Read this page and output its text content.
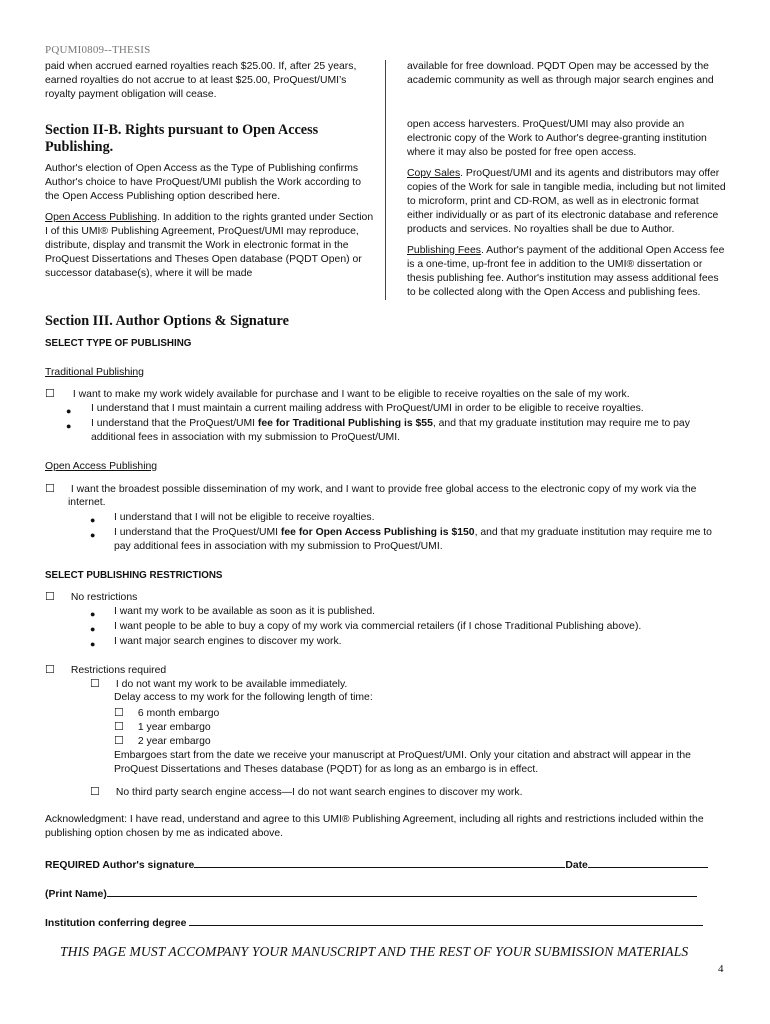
PQUMI0809--THESIS

paid when accrued earned royalties reach $25.00. If, after 25 years, earned royalties do not accrue to at least $25.00, ProQuest/UMI’s royalty payment obligation will cease.

Section II-B. Rights pursuant to Open Access Publishing.

Author's election of Open Access as the Type of Publishing confirms Author's choice to have ProQuest/UMI publish the Work according to the Open Access Publishing option described here.

Open Access Publishing. In addition to the rights granted under Section I of this UMI® Publishing Agreement, ProQuest/UMI may reproduce, distribute, display and transmit the Work in electronic format in the ProQuest Dissertations and Theses Open database (PQDT Open) or successor database(s), where it will be made

available for free download. PQDT Open may be accessed by the academic community as well as through major search engines and

open access harvesters. ProQuest/UMI may also provide an electronic copy of the Work to Author's degree-granting institution where it may also be posted for free open access.

Copy Sales. ProQuest/UMI and its agents and distributors may offer copies of the Work for sale in tangible media, including but not limited to microform, print and CD-ROM, as well as in electronic format either individually or as part of its electronic database and reference products and services. No royalties shall be due to Author.

Publishing Fees. Author's payment of the additional Open Access fee is a one-time, up-front fee in addition to the UMI® dissertation or thesis publishing fee. Author's institution may assess additional fees to be collected along with the Open Access and publishing fees.

Section III. Author Options & Signature
SELECT TYPE OF PUBLISHING
Traditional Publishing
☐ I want to make my work widely available for purchase and I want to be eligible to receive royalties on the sale of my work.
● I understand that I must maintain a current mailing address with ProQuest/UMI in order to be eligible to receive royalties.
● I understand that the ProQuest/UMI fee for Traditional Publishing is $55, and that my graduate institution may require me to pay
additional fees in association with my submission to ProQuest/UMI.
Open Access Publishing
☐ I want the broadest possible dissemination of my work, and I want to provide free global access to the electronic copy of my work via the
internet.
● I understand that I will not be eligible to receive royalties.
● I understand that the ProQuest/UMI fee for Open Access Publishing is $150, and that my graduate institution may require me to
pay additional fees in association with my submission to ProQuest/UMI.
SELECT PUBLISHING RESTRICTIONS
☐ No restrictions
● I want my work to be available as soon as it is published.
● I want people to be able to buy a copy of my work via commercial retailers (if I chose Traditional Publishing above).
● I want major search engines to discover my work.
☐ Restrictions required
☐ I do not want my work to be available immediately.
Delay access to my work for the following length of time:
☐ 6 month embargo
☐ 1 year embargo
☐ 2 year embargo
Embargoes start from the date we receive your manuscript at ProQuest/UMI. Only your citation and abstract will appear in the
ProQuest Dissertations and Theses database (PQDT) for as long as an embargo is in effect.
☐ No third party search engine access—I do not want search engines to discover my work.
Acknowledgment: I have read, understand and agree to this UMI® Publishing Agreement, including all rights and restrictions included within the
publishing option chosen by me as indicated above.
REQUIRED Author's signature	Date
(Print Name)
Institution conferring degree
THIS PAGE MUST ACCOMPANY YOUR MANUSCRIPT AND THE REST OF YOUR SUBMISSION MATERIALS
4
